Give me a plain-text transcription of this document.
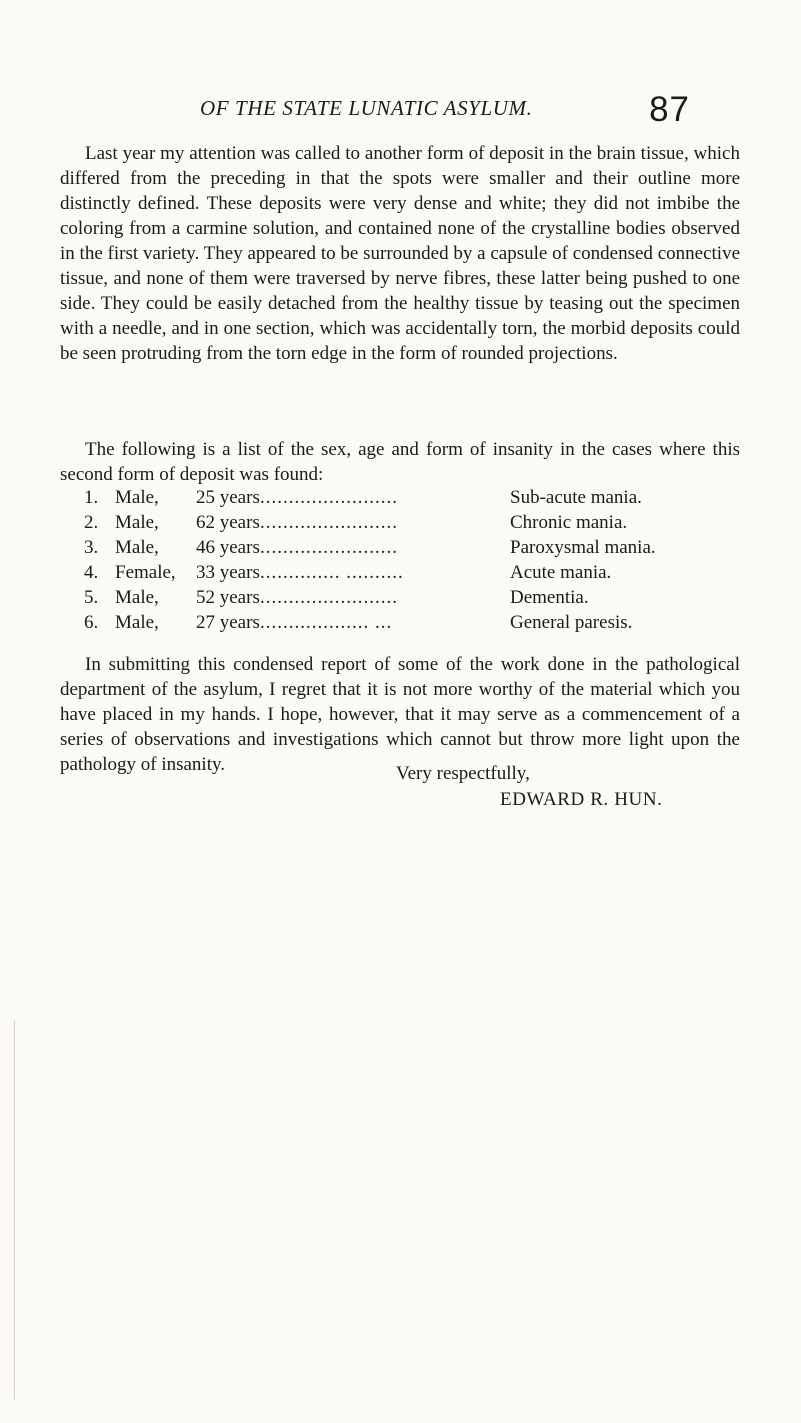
OF THE STATE LUNATIC ASYLUM.	87

Last year my attention was called to another form of deposit in the brain tissue, which differed from the preceding in that the spots were smaller and their outline more distinctly defined. These deposits were very dense and white; they did not imbibe the coloring from a carmine solution, and contained none of the crystalline bodies observed in the first variety. They appeared to be surrounded by a capsule of condensed connective tissue, and none of them were traversed by nerve fibres, these latter being pushed to one side. They could be easily detached from the healthy tissue by teasing out the specimen with a needle, and in one section, which was accidentally torn, the morbid deposits could be seen protruding from the torn edge in the form of rounded projections.

The following is a list of the sex, age and form of insanity in the cases where this second form of deposit was found:

1. Male,	25 years ........................	Sub-acute mania.
2. Male,	62 years ........................	Chronic mania.
3. Male,	46 years ........................	Paroxysmal mania.
4. Female,	33 years .............. ..........	Acute mania.
5. Male,	52 years ........................	Dementia.
6. Male,	27 years ................... ...	General paresis.

In submitting this condensed report of some of the work done in the pathological department of the asylum, I regret that it is not more worthy of the material which you have placed in my hands. I hope, however, that it may serve as a commencement of a series of observations and investigations which cannot but throw more light upon the pathology of insanity.	Very respectfully,
EDWARD R. HUN.
